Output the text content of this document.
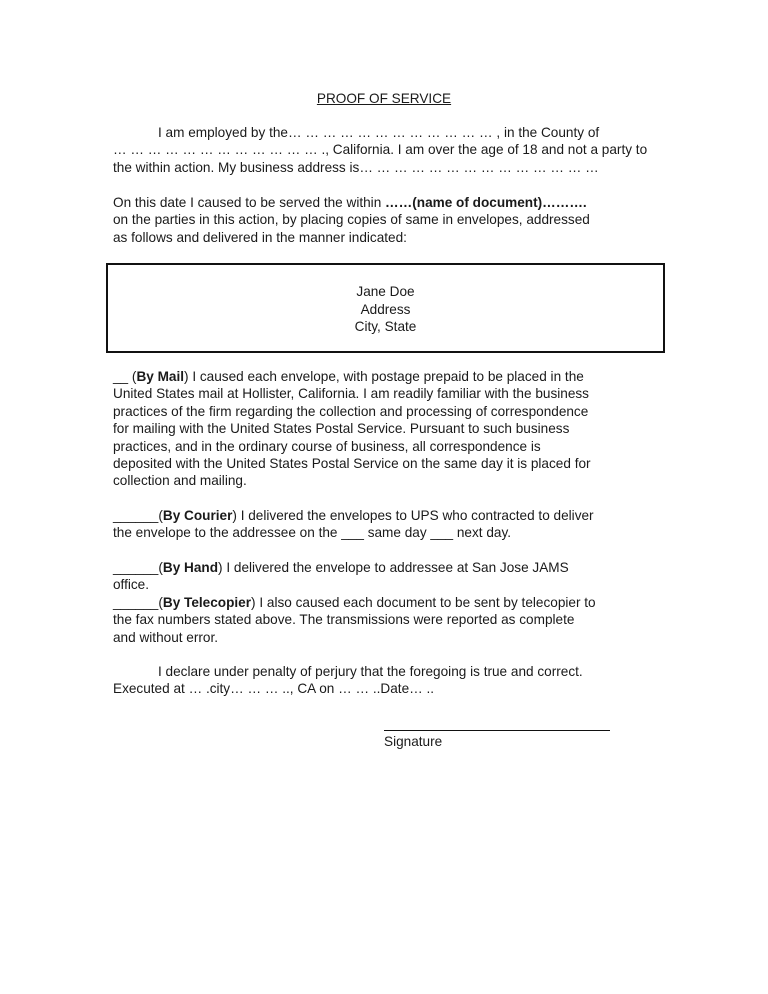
PROOF OF SERVICE
I am employed by the… … … … … … … … … … … … , in the County of
… … … … … … … … … … … … ., California. I am over the age of 18 and not a party to
the within action. My business address is… … … … … … … … … … … … … …
On this date I caused to be served the within ……(name of document)……….
on the parties in this action, by placing copies of same in envelopes, addressed
as follows and delivered in the manner indicated:
Jane Doe
Address
City, State
__ (By Mail) I caused each envelope, with postage prepaid to be placed in the
United States mail at Hollister, California. I am readily familiar with the business
practices of the firm regarding the collection and processing of correspondence
for mailing with the United States Postal Service. Pursuant to such business
practices, and in the ordinary course of business, all correspondence is
deposited with the United States Postal Service on the same day it is placed for
collection and mailing.
______(By Courier) I delivered the envelopes to UPS who contracted to deliver
the envelope to the addressee on the ___ same day ___ next day.
______(By Hand) I delivered the envelope to addressee at San Jose JAMS
office.
______(By Telecopier) I also caused each document to be sent by telecopier to
the fax numbers stated above. The transmissions were reported as complete
and without error.
I declare under penalty of perjury that the foregoing is true and correct.
Executed at … .city… … … .., CA on … … ..Date… ..
Signature
